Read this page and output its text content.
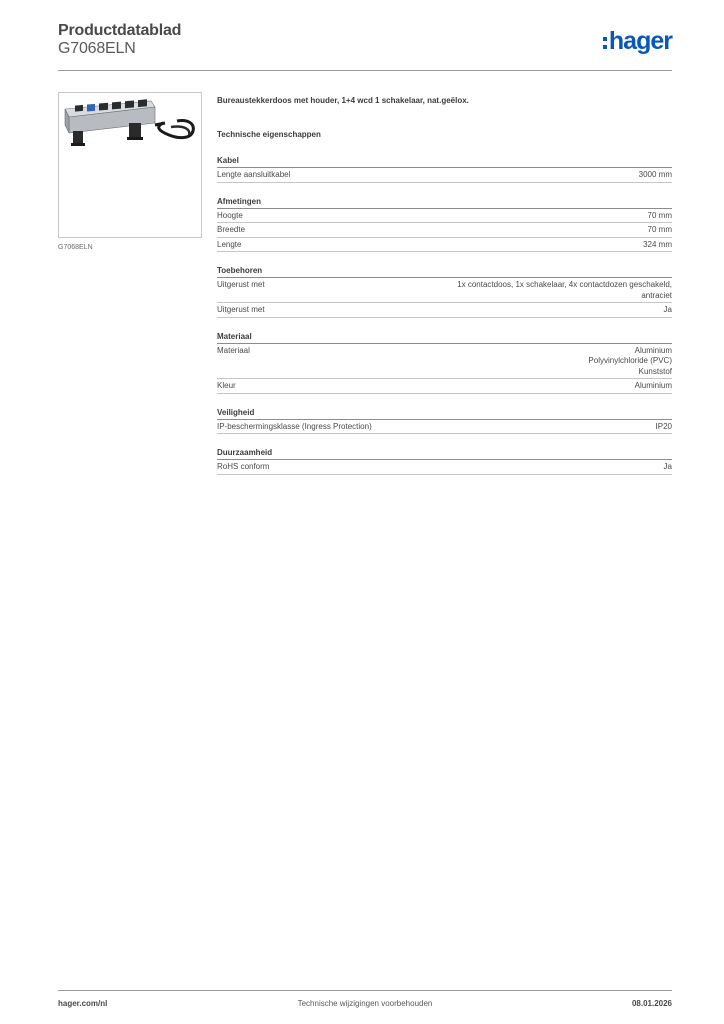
Productdatablad
G7068ELN	hager
G7068ELN
Bureaustekkerdoos met houder, 1+4 wcd 1 schakelaar, nat.geëlox.
Technische eigenschappen
Kabel
Lengte aansluitkabel	3000 mm
Afmetingen
Hoogte	70 mm
Breedte	70 mm
Lengte	324 mm
Toebehoren
Uitgerust met	1x contactdoos, 1x schakelaar, 4x contactdozen geschakeld,
antraciet
Uitgerust met	Ja
Materiaal
Materiaal	Aluminium
Polyvinylchloride (PVC)
Kunststof
Kleur	Aluminium
Veiligheid
IP-beschermingsklasse (Ingress Protection)	IP20
Duurzaamheid
RoHS conform	Ja
hager.com/nl	Technische wijzigingen voorbehouden	08.01.2026
